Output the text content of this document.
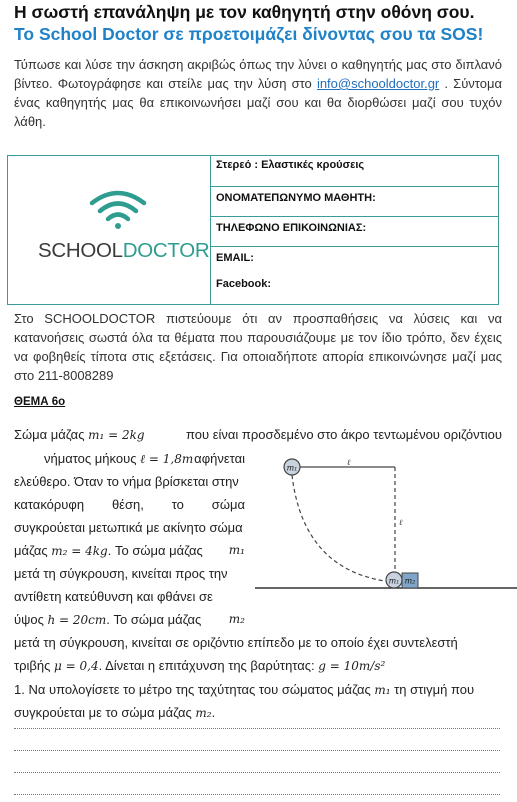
Η σωστή επανάληψη με τον καθηγητή στην οθόνη σου.
Το School Doctor σε προετοιμάζει δίνοντας σου τα SOS!
Τύπωσε και λύσε την άσκηση ακριβώς όπως την λύνει ο καθηγητής μας στο διπλανό βίντεο. Φωτογράφησε και στείλε μας την λύση στο info@schooldoctor.gr . Σύντομα ένας καθηγητής μας θα επικοινωνήσει μαζί σου και θα διορθώσει μαζί σου τυχόν λάθη.
SCHOOLDOCTOR
Στερεό : Ελαστικές κρούσεις
ΟΝΟΜΑΤΕΠΩΝΥΜΟ ΜΑΘΗΤΗ:
ΤΗΛΕΦΩΝΟ ΕΠΙΚΟΙΝΩΝΙΑΣ:
EMAIL:
Facebook:
Στο SCHOOLDOCTOR πιστεύουμε ότι αν προσπαθήσεις να λύσεις και να κατανοήσεις σωστά όλα τα θέματα που παρουσιάζουμε με τον ίδιο τρόπο, δεν έχεις να φοβηθείς τίποτα στις εξετάσεις. Για οποιαδήποτε απορία επικοινώνησε μαζί μας στο 211-8008289
ΘΕΜΑ 6ο
Σώμα μάζας m₁ = 2kg	που είναι προσδεμένο στο άκρο τεντωμένου οριζόντιου
νήματος μήκους ℓ = 1,8m αφήνεται
ελεύθερο. Όταν το νήμα βρίσκεται στην
κατακόρυφη θέση, το σώμα
συγκρούεται μετωπικά με ακίνητο σώμα
μάζας m₂ = 4kg. Το σώμα μάζας m₁
μετά τη σύγκρουση, κινείται προς την
αντίθετη κατεύθυνση και φθάνει σε
ύψος h = 20cm. Το σώμα μάζας m₂
μετά τη σύγκρουση, κινείται σε οριζόντιο επίπεδο με το οποίο έχει συντελεστή
τριβής μ = 0,4. Δίνεται η επιτάχυνση της βαρύτητας: g = 10m/s²
1. Να υπολογίσετε το μέτρο της ταχύτητας του σώματος μάζας m₁ τη στιγμή που
συγκρούεται με το σώμα μάζας m₂.
m₁
m₁ m₂
ℓ
ℓ
